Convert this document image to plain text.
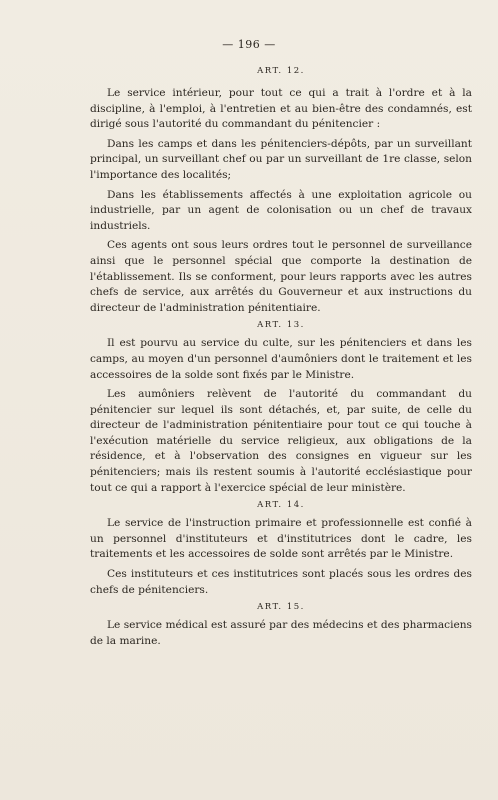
— 196 —
ART. 12.

Le service intérieur, pour tout ce qui a trait à l'ordre et à la discipline, à l'emploi, à l'entretien et au bien-être des condamnés, est dirigé sous l'autorité du commandant du pénitencier :

Dans les camps et dans les pénitenciers-dépôts, par un surveillant principal, un surveillant chef ou par un surveillant de 1re classe, selon l'importance des localités;

Dans les établissements affectés à une exploitation agricole ou industrielle, par un agent de colonisation ou un chef de travaux industriels.

Ces agents ont sous leurs ordres tout le personnel de surveillance ainsi que le personnel spécial que comporte la destination de l'établissement. Ils se conforment, pour leurs rapports avec les autres chefs de service, aux arrêtés du Gouverneur et aux instructions du directeur de l'administration pénitentiaire.

ART. 13.

Il est pourvu au service du culte, sur les pénitenciers et dans les camps, au moyen d'un personnel d'aumôniers dont le traitement et les accessoires de la solde sont fixés par le Ministre.

Les aumôniers relèvent de l'autorité du commandant du pénitencier sur lequel ils sont détachés, et, par suite, de celle du directeur de l'administration pénitentiaire pour tout ce qui touche à l'exécution matérielle du service religieux, aux obligations de la résidence, et à l'observation des consignes en vigueur sur les pénitenciers; mais ils restent soumis à l'autorité ecclésiastique pour tout ce qui a rapport à l'exercice spécial de leur ministère.

ART. 14.

Le service de l'instruction primaire et professionnelle est confié à un personnel d'instituteurs et d'institutrices dont le cadre, les traitements et les accessoires de solde sont arrêtés par le Ministre.

Ces instituteurs et ces institutrices sont placés sous les ordres des chefs de pénitenciers.

ART. 15.

Le service médical est assuré par des médecins et des pharmaciens de la marine.
